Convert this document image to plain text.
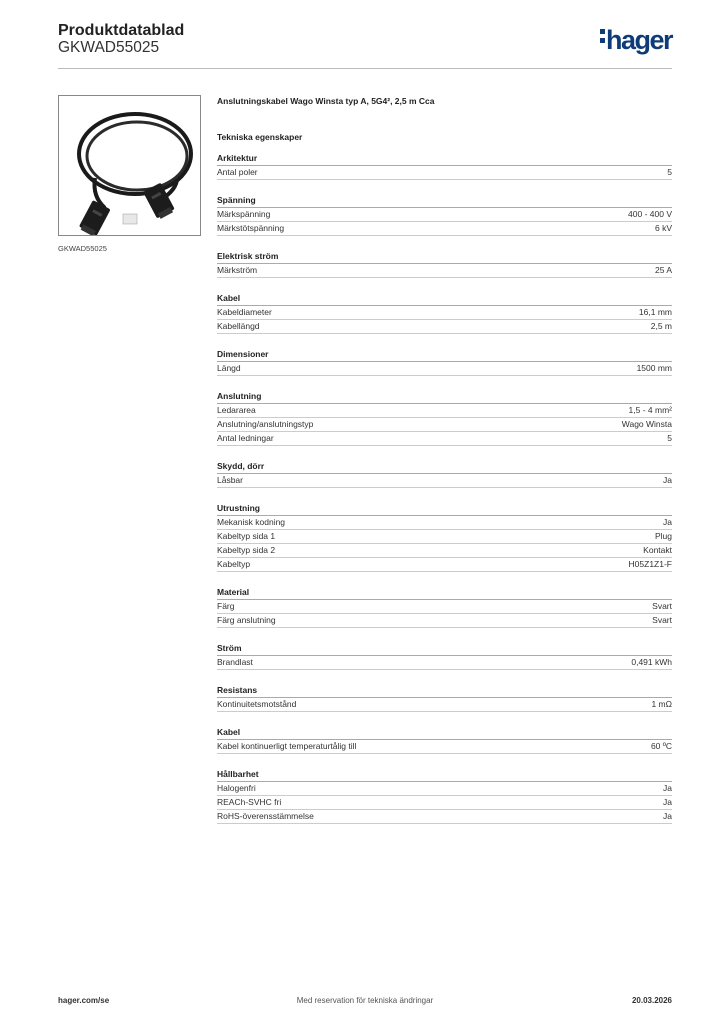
Produktdatablad
GKWAD55025	hager
GKWAD55025
Anslutningskabel Wago Winsta typ A, 5G4², 2,5 m Cca
Tekniska egenskaper
Arkitektur
Antal poler	5
Spänning
Märkspänning	400 - 400 V
Märkstötspänning	6 kV
Elektrisk ström
Märkström	25 A
Kabel
Kabeldiameter	16,1 mm
Kabellängd	2,5 m
Dimensioner
Längd	1500 mm
Anslutning
Ledararea	1,5 - 4 mm²
Anslutning/anslutningstyp	Wago Winsta
Antal ledningar	5
Skydd, dörr
Låsbar	Ja
Utrustning
Mekanisk kodning	Ja
Kabeltyp sida 1	Plug
Kabeltyp sida 2	Kontakt
Kabeltyp	H05Z1Z1-F
Material
Färg	Svart
Färg anslutning	Svart
Ström
Brandlast	0,491 kWh
Resistans
Kontinuitetsmotstånd	1 mΩ
Kabel
Kabel kontinuerligt temperaturtålig till	60 ºC
Hållbarhet
Halogenfri	Ja
REACh-SVHC fri	Ja
RoHS-överensstämmelse	Ja
hager.com/se	Med reservation för tekniska ändringar	20.03.2026
